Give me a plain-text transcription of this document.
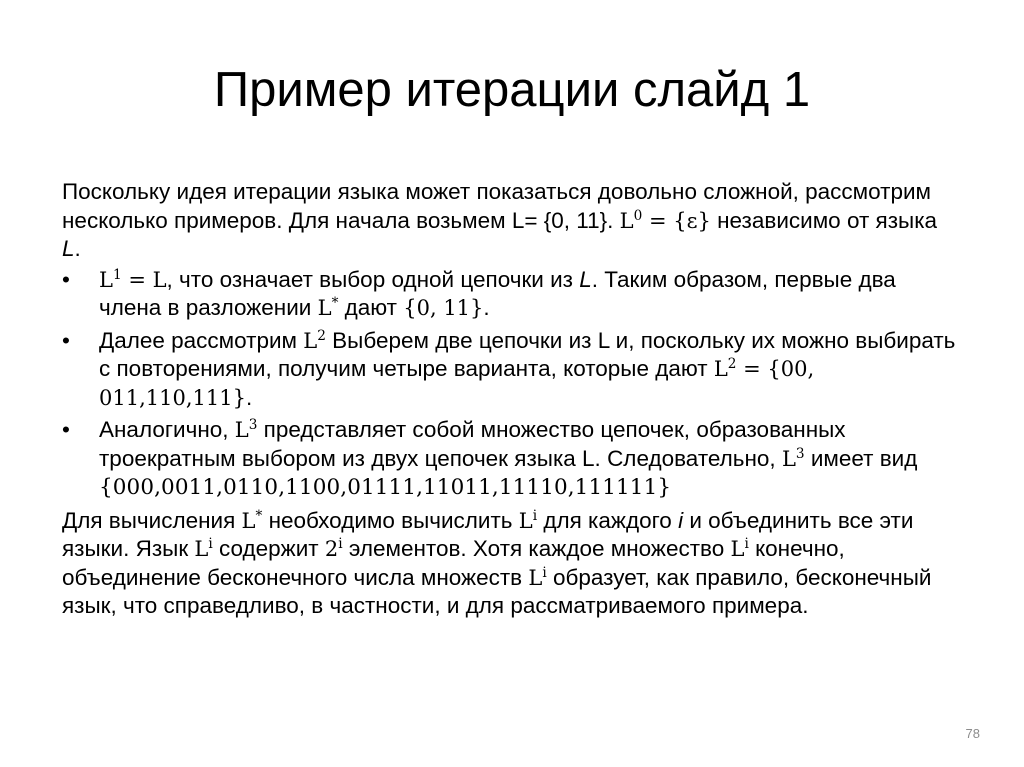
Пример итерации слайд 1

Поскольку идея итерации языка может показаться довольно сложной, рассмотрим несколько примеров. Для начала возьмем L= {0, 11}. $L^0 = \{\varepsilon\}$ независимо от языка L.

• $L^1 = L$, что означает выбор одной цепочки из L. Таким образом, первые два члена в разложении L* дают {0, 11}.
• Далее рассмотрим $L^2$ Выберем две цепочки из L и, поскольку их можно выбирать с повторениями, получим четыре варианта, которые дают $L^2 = \{00$, 011,110,111}.
• Аналогично, $L^3$ представляет собой множество цепочек, образованных троекратным выбором из двух цепочек языка L. Следовательно, $L^3$ имеет вид
{000,0011,0110,1100,01111,11011,11110,111111}

Для вычисления L* необходимо вычислить $L^i$ для каждого i и объединить все эти языки. Язык $L^i$ содержит 2$^i$ элементов. Хотя каждое множество $L^i$ конечно, объединение бесконечного числа множеств $L^i$ образует, как правило, бесконечный язык, что справедливо, в частности, и для рассматриваемого примера.

78
